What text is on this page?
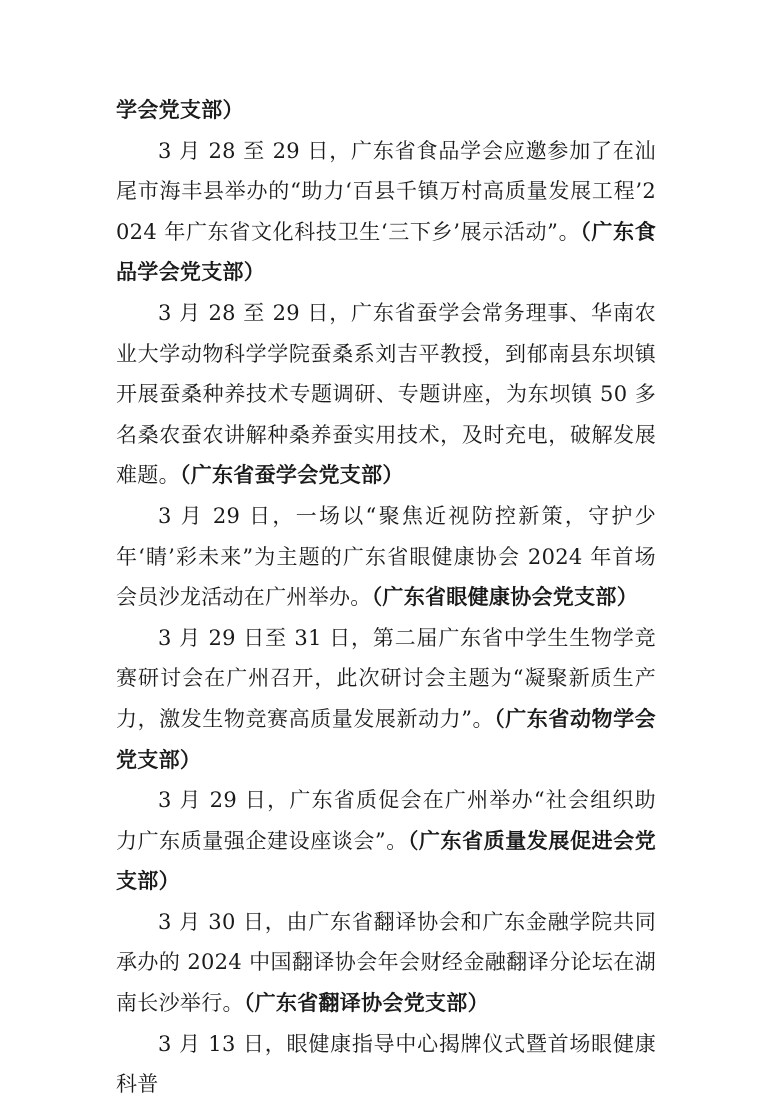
学会党支部）

3 月 28 至 29 日，广东省食品学会应邀参加了在汕尾市海丰县举办的“助力‘百县千镇万村高质量发展工程’2024 年广东省文化科技卫生‘三下乡’展示活动”。（广东食品学会党支部）

3 月 28 至 29 日，广东省蚕学会常务理事、华南农业大学动物科学学院蚕桑系刘吉平教授，到郁南县东坝镇开展蚕桑种养技术专题调研、专题讲座，为东坝镇 50 多名桑农蚕农讲解种桑养蚕实用技术，及时充电，破解发展难题。（广东省蚕学会党支部）

3 月 29 日，一场以“聚焦近视防控新策，守护少年‘睛’彩未来”为主题的广东省眼健康协会 2024 年首场会员沙龙活动在广州举办。（广东省眼健康协会党支部）

3 月 29 日至 31 日，第二届广东省中学生生物学竞赛研讨会在广州召开，此次研讨会主题为“凝聚新质生产力，激发生物竞赛高质量发展新动力”。（广东省动物学会党支部）

3 月 29 日，广东省质促会在广州举办“社会组织助力广东质量强企建设座谈会”。（广东省质量发展促进会党支部）

3 月 30 日，由广东省翻译协会和广东金融学院共同承办的 2024 中国翻译协会年会财经金融翻译分论坛在湖南长沙举行。（广东省翻译协会党支部）

3 月 13 日，眼健康指导中心揭牌仪式暨首场眼健康科普
